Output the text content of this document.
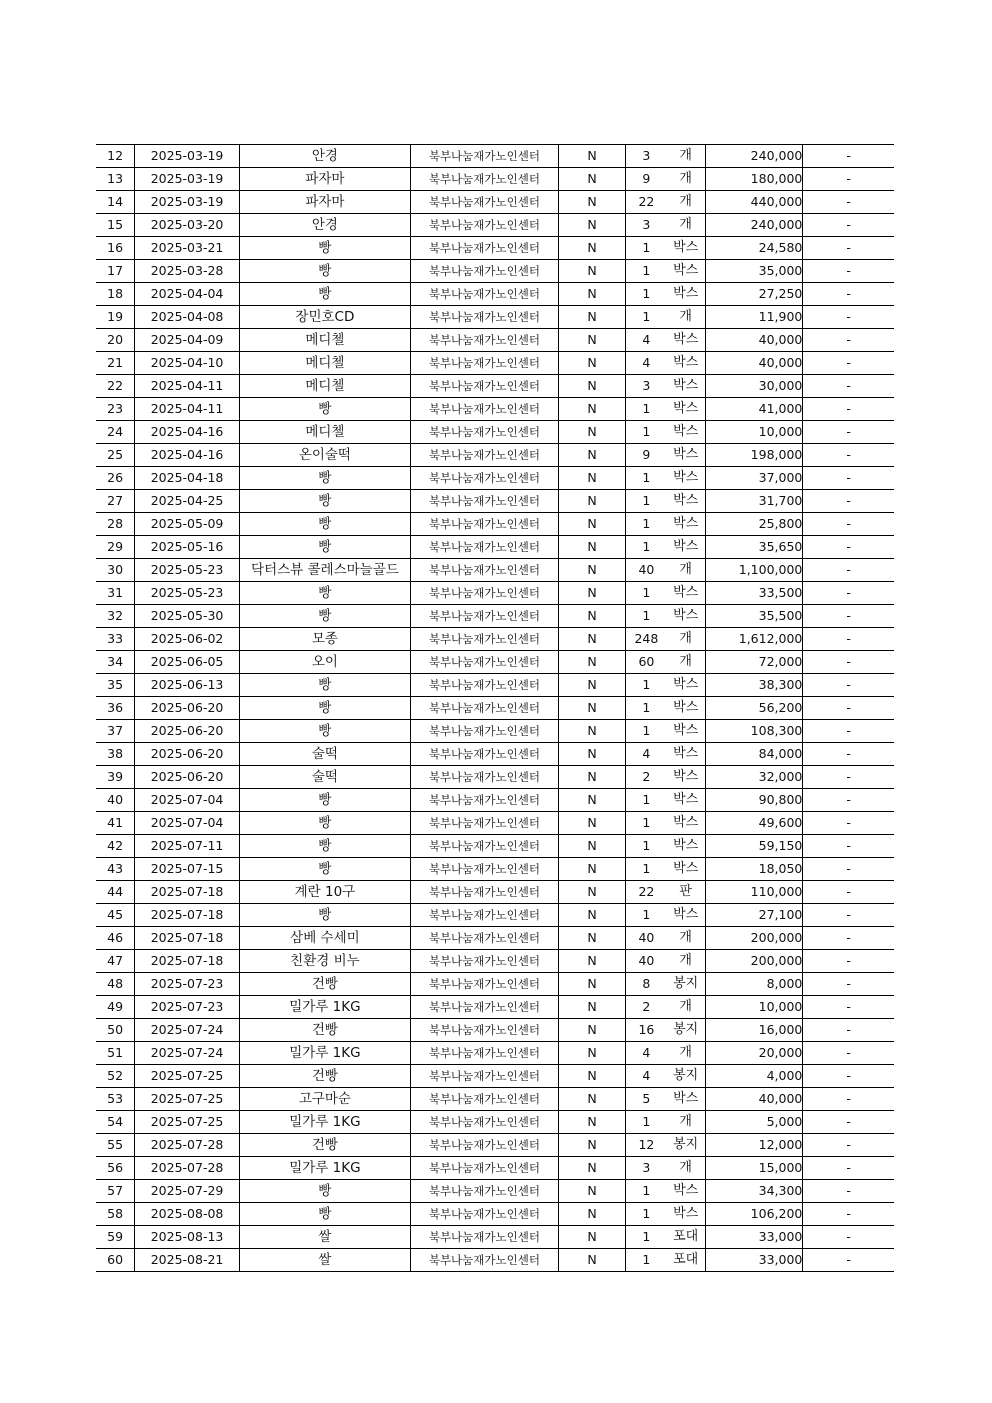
12	2025-03-19	안경	북부나눔재가노인센터	N	3	개	240,000	-
13	2025-03-19	파자마	북부나눔재가노인센터	N	9	개	180,000	-
14	2025-03-19	파자마	북부나눔재가노인센터	N	22	개	440,000	-
15	2025-03-20	안경	북부나눔재가노인센터	N	3	개	240,000	-
16	2025-03-21	빵	북부나눔재가노인센터	N	1	박스	24,580	-
17	2025-03-28	빵	북부나눔재가노인센터	N	1	박스	35,000	-
18	2025-04-04	빵	북부나눔재가노인센터	N	1	박스	27,250	-
19	2025-04-08	장민호CD	북부나눔재가노인센터	N	1	개	11,900	-
20	2025-04-09	메디첼	북부나눔재가노인센터	N	4	박스	40,000	-
21	2025-04-10	메디첼	북부나눔재가노인센터	N	4	박스	40,000	-
22	2025-04-11	메디첼	북부나눔재가노인센터	N	3	박스	30,000	-
23	2025-04-11	빵	북부나눔재가노인센터	N	1	박스	41,000	-
24	2025-04-16	메디첼	북부나눔재가노인센터	N	1	박스	10,000	-
25	2025-04-16	온이술떡	북부나눔재가노인센터	N	9	박스	198,000	-
26	2025-04-18	빵	북부나눔재가노인센터	N	1	박스	37,000	-
27	2025-04-25	빵	북부나눔재가노인센터	N	1	박스	31,700	-
28	2025-05-09	빵	북부나눔재가노인센터	N	1	박스	25,800	-
29	2025-05-16	빵	북부나눔재가노인센터	N	1	박스	35,650	-
30	2025-05-23	닥터스뷰 콜레스마늘골드	북부나눔재가노인센터	N	40	개	1,100,000	-
31	2025-05-23	빵	북부나눔재가노인센터	N	1	박스	33,500	-
32	2025-05-30	빵	북부나눔재가노인센터	N	1	박스	35,500	-
33	2025-06-02	모종	북부나눔재가노인센터	N	248	개	1,612,000	-
34	2025-06-05	오이	북부나눔재가노인센터	N	60	개	72,000	-
35	2025-06-13	빵	북부나눔재가노인센터	N	1	박스	38,300	-
36	2025-06-20	빵	북부나눔재가노인센터	N	1	박스	56,200	-
37	2025-06-20	빵	북부나눔재가노인센터	N	1	박스	108,300	-
38	2025-06-20	술떡	북부나눔재가노인센터	N	4	박스	84,000	-
39	2025-06-20	술떡	북부나눔재가노인센터	N	2	박스	32,000	-
40	2025-07-04	빵	북부나눔재가노인센터	N	1	박스	90,800	-
41	2025-07-04	빵	북부나눔재가노인센터	N	1	박스	49,600	-
42	2025-07-11	빵	북부나눔재가노인센터	N	1	박스	59,150	-
43	2025-07-15	빵	북부나눔재가노인센터	N	1	박스	18,050	-
44	2025-07-18	계란 10구	북부나눔재가노인센터	N	22	판	110,000	-
45	2025-07-18	빵	북부나눔재가노인센터	N	1	박스	27,100	-
46	2025-07-18	삼베 수세미	북부나눔재가노인센터	N	40	개	200,000	-
47	2025-07-18	친환경 비누	북부나눔재가노인센터	N	40	개	200,000	-
48	2025-07-23	건빵	북부나눔재가노인센터	N	8	봉지	8,000	-
49	2025-07-23	밀가루 1KG	북부나눔재가노인센터	N	2	개	10,000	-
50	2025-07-24	건빵	북부나눔재가노인센터	N	16	봉지	16,000	-
51	2025-07-24	밀가루 1KG	북부나눔재가노인센터	N	4	개	20,000	-
52	2025-07-25	건빵	북부나눔재가노인센터	N	4	봉지	4,000	-
53	2025-07-25	고구마순	북부나눔재가노인센터	N	5	박스	40,000	-
54	2025-07-25	밀가루 1KG	북부나눔재가노인센터	N	1	개	5,000	-
55	2025-07-28	건빵	북부나눔재가노인센터	N	12	봉지	12,000	-
56	2025-07-28	밀가루 1KG	북부나눔재가노인센터	N	3	개	15,000	-
57	2025-07-29	빵	북부나눔재가노인센터	N	1	박스	34,300	-
58	2025-08-08	빵	북부나눔재가노인센터	N	1	박스	106,200	-
59	2025-08-13	쌀	북부나눔재가노인센터	N	1	포대	33,000	-
60	2025-08-21	쌀	북부나눔재가노인센터	N	1	포대	33,000	-
